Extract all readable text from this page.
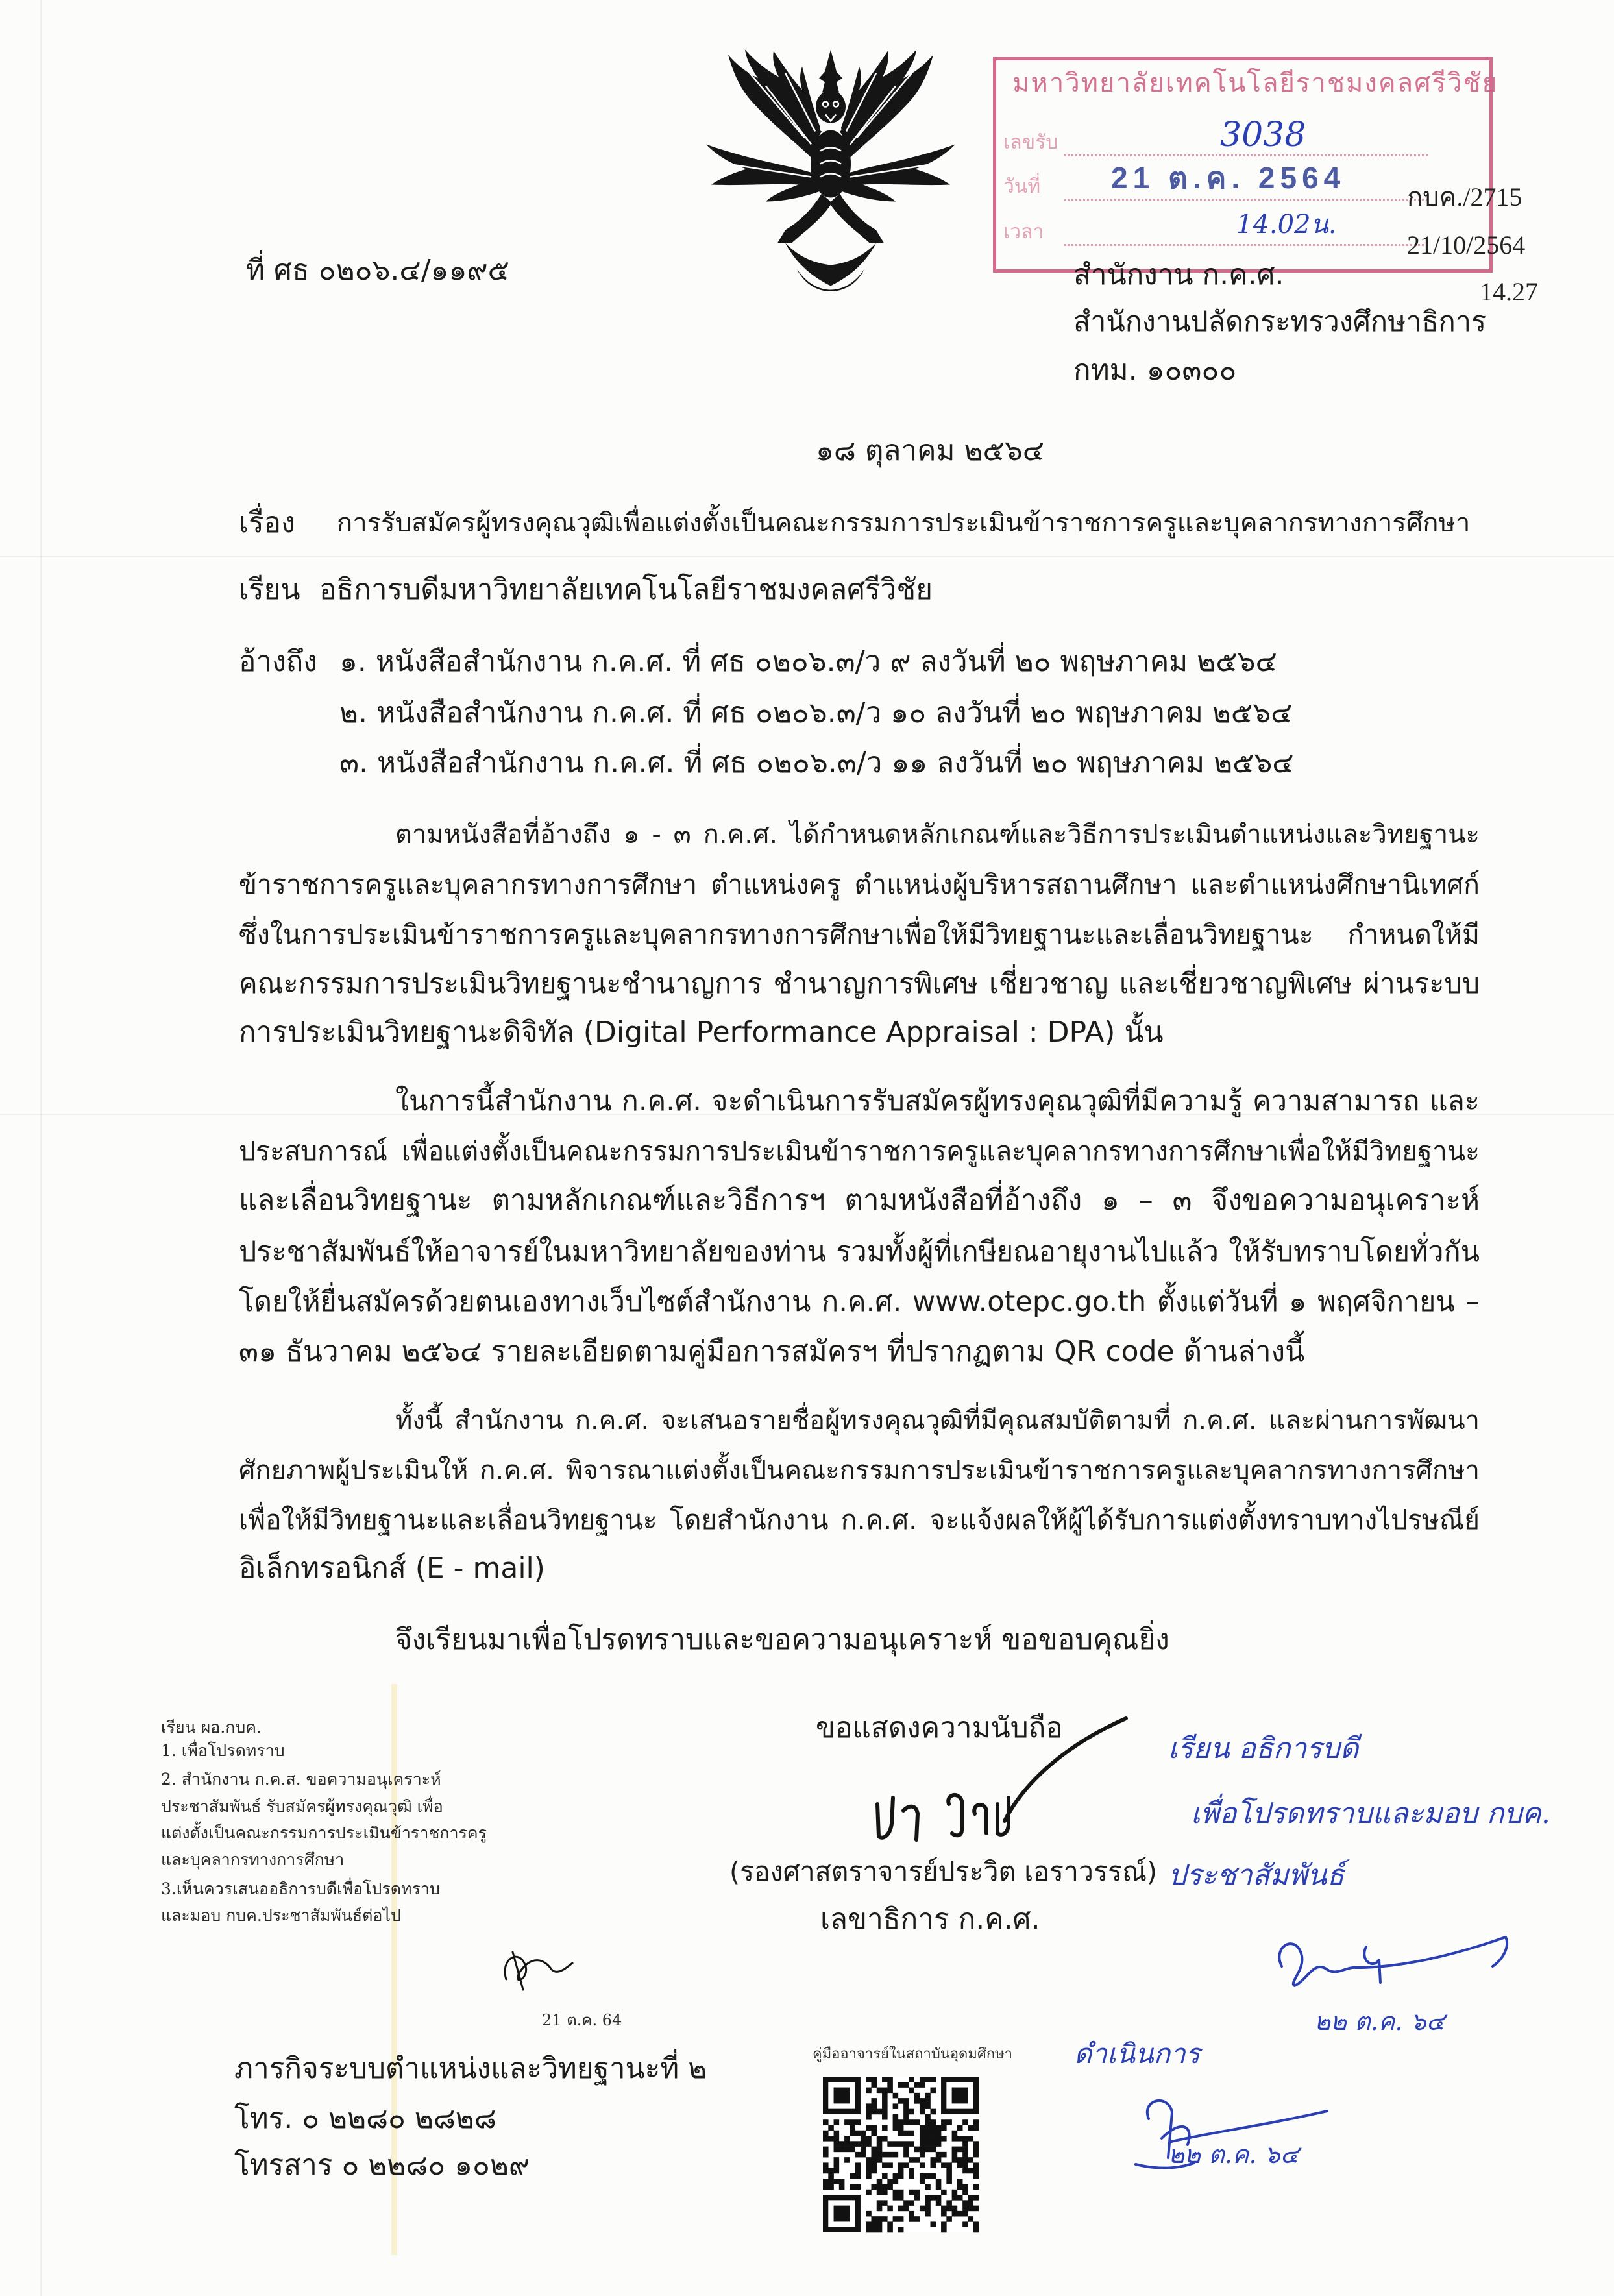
มหาวิทยาลัยเทคโนโลยีราชมงคลศรีวิชัย
เลขรับ
วันที่
เวลา
3038
21 ต.ค. 2564
14.02น.
กบค./2715
21/10/2564
14.27
ที่ ศธ ๐๒๐๖.๔/๑๑๙๕	สำนักงาน ก.ค.ศ.
สำนักงานปลัดกระทรวงศึกษาธิการ
กทม. ๑๐๓๐๐
๑๘ ตุลาคม ๒๕๖๔
เรื่อง	การรับสมัครผู้ทรงคุณวุฒิเพื่อแต่งตั้งเป็นคณะกรรมการประเมินข้าราชการครูและบุคลากรทางการศึกษา
เรียน อธิการบดีมหาวิทยาลัยเทคโนโลยีราชมงคลศรีวิชัย
อ้างถึง ๑. หนังสือสำนักงาน ก.ค.ศ. ที่ ศธ ๐๒๐๖.๓/ว ๙ ลงวันที่ ๒๐ พฤษภาคม ๒๕๖๔
๒. หนังสือสำนักงาน ก.ค.ศ. ที่ ศธ ๐๒๐๖.๓/ว ๑๐ ลงวันที่ ๒๐ พฤษภาคม ๒๕๖๔
๓. หนังสือสำนักงาน ก.ค.ศ. ที่ ศธ ๐๒๐๖.๓/ว ๑๑ ลงวันที่ ๒๐ พฤษภาคม ๒๕๖๔
ตามหนังสือที่อ้างถึง ๑ - ๓ ก.ค.ศ. ได้กำหนดหลักเกณฑ์และวิธีการประเมินตำแหน่งและวิทยฐานะ
ข้าราชการครูและบุคลากรทางการศึกษา ตำแหน่งครู ตำแหน่งผู้บริหารสถานศึกษา และตำแหน่งศึกษานิเทศก์
ซึ่งในการประเมินข้าราชการครูและบุคลากรทางการศึกษาเพื่อให้มีวิทยฐานะและเลื่อนวิทยฐานะ กำหนดให้มี
คณะกรรมการประเมินวิทยฐานะชำนาญการ ชำนาญการพิเศษ เชี่ยวชาญ และเชี่ยวชาญพิเศษ ผ่านระบบ
การประเมินวิทยฐานะดิจิทัล (Digital Performance Appraisal : DPA) นั้น
ในการนี้สำนักงาน ก.ค.ศ. จะดำเนินการรับสมัครผู้ทรงคุณวุฒิที่มีความรู้ ความสามารถ และ
ประสบการณ์ เพื่อแต่งตั้งเป็นคณะกรรมการประเมินข้าราชการครูและบุคลากรทางการศึกษาเพื่อให้มีวิทยฐานะ
และเลื่อนวิทยฐานะ ตามหลักเกณฑ์และวิธีการฯ ตามหนังสือที่อ้างถึง ๑ – ๓ จึงขอความอนุเคราะห์
ประชาสัมพันธ์ให้อาจารย์ในมหาวิทยาลัยของท่าน รวมทั้งผู้ที่เกษียณอายุงานไปแล้ว ให้รับทราบโดยทั่วกัน
โดยให้ยื่นสมัครด้วยตนเองทางเว็บไซต์สำนักงาน ก.ค.ศ. www.otepc.go.th ตั้งแต่วันที่ ๑ พฤศจิกายน –
๓๑ ธันวาคม ๒๕๖๔ รายละเอียดตามคู่มือการสมัครฯ ที่ปรากฏตาม QR code ด้านล่างนี้
ทั้งนี้ สำนักงาน ก.ค.ศ. จะเสนอรายชื่อผู้ทรงคุณวุฒิที่มีคุณสมบัติตามที่ ก.ค.ศ. และผ่านการพัฒนา
ศักยภาพผู้ประเมินให้ ก.ค.ศ. พิจารณาแต่งตั้งเป็นคณะกรรมการประเมินข้าราชการครูและบุคลากรทางการศึกษา
เพื่อให้มีวิทยฐานะและเลื่อนวิทยฐานะ โดยสำนักงาน ก.ค.ศ. จะแจ้งผลให้ผู้ได้รับการแต่งตั้งทราบทางไปรษณีย์
อิเล็กทรอนิกส์ (E - mail)
จึงเรียนมาเพื่อโปรดทราบและขอความอนุเคราะห์ ขอขอบคุณยิ่ง
ขอแสดงความนับถือ
(รองศาสตราจารย์ประวิต เอราวรรณ์)
เลขาธิการ ก.ค.ศ.
เรียน ผอ.กบค.
1. เพื่อโปรดทราบ
2. สำนักงาน ก.ค.ส. ขอความอนุเคราะห์
ประชาสัมพันธ์ รับสมัครผู้ทรงคุณวุฒิ เพื่อ
แต่งตั้งเป็นคณะกรรมการประเมินข้าราชการครู
และบุคลากรทางการศึกษา
3.เห็นควรเสนออธิการบดีเพื่อโปรดทราบ
และมอบ กบค.ประชาสัมพันธ์ต่อไป
21 ต.ค. 64
ภารกิจระบบตำแหน่งและวิทยฐานะที่ ๒
โทร. ๐ ๒๒๘๐ ๒๘๒๘
โทรสาร ๐ ๒๒๘๐ ๑๐๒๙
คู่มืออาจารย์ในสถาบันอุดมศึกษา
เรียน อธิการบดี
เพื่อโปรดทราบและมอบ กบค.
ประชาสัมพันธ์
๒๒ ต.ค. ๖๔
ดำเนินการ
๒๒ ต.ค. ๖๔
